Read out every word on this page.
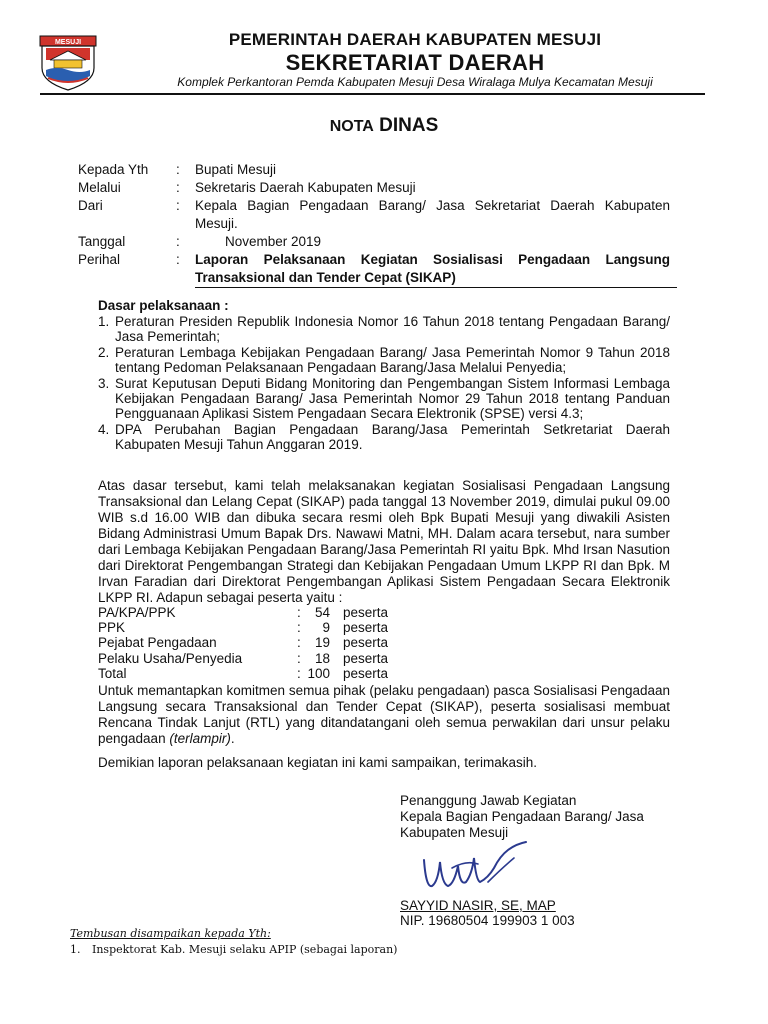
MESUJI	PEMERINTAH DAERAH KABUPATEN MESUJI
SEKRETARIAT DAERAH
Komplek Perkantoran Pemda Kabupaten Mesuji Desa Wiralaga Mulya Kecamatan Mesuji
NOTA DINAS
Kepada Yth : Bupati Mesuji
Melalui	: Sekretaris Daerah Kabupaten Mesuji
Dari	: Kepala Bagian Pengadaan Barang/ Jasa Sekretariat Daerah Kabupaten Mesuji.
Tanggal	:	November 2019
Perihal	: Laporan Pelaksanaan Kegiatan Sosialisasi Pengadaan Langsung Transaksional dan Tender Cepat (SIKAP)
Dasar pelaksanaan :
1. Peraturan Presiden Republik Indonesia Nomor 16 Tahun 2018 tentang Pengadaan Barang/ Jasa Pemerintah;
2. Peraturan Lembaga Kebijakan Pengadaan Barang/ Jasa Pemerintah Nomor 9 Tahun 2018 tentang Pedoman Pelaksanaan Pengadaan Barang/Jasa Melalui Penyedia;
3. Surat Keputusan Deputi Bidang Monitoring dan Pengembangan Sistem Informasi Lembaga Kebijakan Pengadaan Barang/ Jasa Pemerintah Nomor 29 Tahun 2018 tentang Panduan Pengguanaan Aplikasi Sistem Pengadaan Secara Elektronik (SPSE) versi 4.3;
4. DPA Perubahan Bagian Pengadaan Barang/Jasa Pemerintah Setkretariat Daerah Kabupaten Mesuji Tahun Anggaran 2019.
Atas dasar tersebut, kami telah melaksanakan kegiatan Sosialisasi Pengadaan Langsung Transaksional dan Lelang Cepat (SIKAP) pada tanggal 13 November 2019, dimulai pukul 09.00 WIB s.d 16.00 WIB dan dibuka secara resmi oleh Bpk Bupati Mesuji yang diwakili Asisten Bidang Administrasi Umum Bapak Drs. Nawawi Matni, MH. Dalam acara tersebut, nara sumber dari Lembaga Kebijakan Pengadaan Barang/Jasa Pemerintah RI yaitu Bpk. Mhd Irsan Nasution dari Direktorat Pengembangan Strategi dan Kebijakan Pengadaan Umum LKPP RI dan Bpk. M Irvan Faradian dari Direktorat Pengembangan Aplikasi Sistem Pengadaan Secara Elektronik LKPP RI. Adapun sebagai peserta yaitu :
PA/KPA/PPK	:	54 peserta
PPK	:	9 peserta
Pejabat Pengadaan	:	19 peserta
Pelaku Usaha/Penyedia	:	18 peserta
Total	: 100 peserta
Untuk memantapkan komitmen semua pihak (pelaku pengadaan) pasca Sosialisasi Pengadaan Langsung secara Transaksional dan Tender Cepat (SIKAP), peserta sosialisasi membuat Rencana Tindak Lanjut (RTL) yang ditandatangani oleh semua perwakilan dari unsur pelaku pengadaan (terlampir).
Demikian laporan pelaksanaan kegiatan ini kami sampaikan, terimakasih.
Penanggung Jawab Kegiatan
Kepala Bagian Pengadaan Barang/ Jasa
Kabupaten Mesuji
SAYYID NASIR, SE, MAP
NIP. 19680504 199903 1 003
Tembusan disampaikan kepada Yth:
1. Inspektorat Kab. Mesuji selaku APIP (sebagai laporan)
